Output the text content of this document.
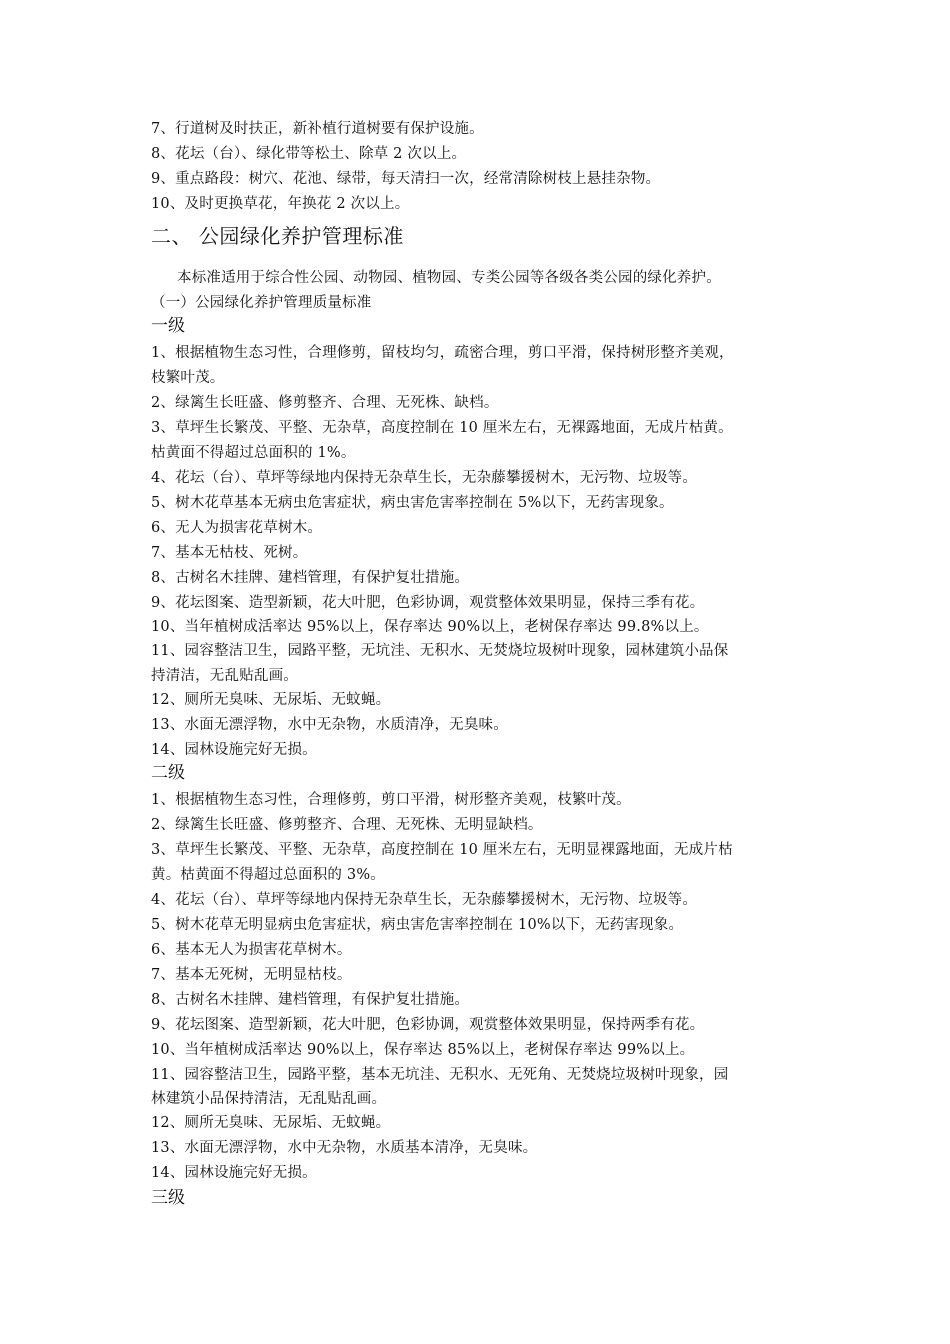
7、行道树及时扶正，新补植行道树要有保护设施。
8、花坛（台）、绿化带等松土、除草 2 次以上。
9、重点路段：树穴、花池、绿带，每天清扫一次，经常清除树枝上悬挂杂物。
10、及时更换草花，年换花 2 次以上。
二、 公园绿化养护管理标准
本标准适用于综合性公园、动物园、植物园、专类公园等各级各类公园的绿化养护。
（一）公园绿化养护管理质量标准
一级
1、根据植物生态习性，合理修剪，留枝均匀，疏密合理，剪口平滑，保持树形整齐美观，
枝繁叶茂。
2、绿篱生长旺盛、修剪整齐、合理、无死株、缺档。
3、草坪生长繁茂、平整、无杂草，高度控制在 10 厘米左右，无裸露地面，无成片枯黄。
枯黄面不得超过总面积的 1%。
4、花坛（台）、草坪等绿地内保持无杂草生长，无杂藤攀援树木，无污物、垃圾等。
5、树木花草基本无病虫危害症状，病虫害危害率控制在 5%以下，无药害现象。
6、无人为损害花草树木。
7、基本无枯枝、死树。
8、古树名木挂牌、建档管理，有保护复壮措施。
9、花坛图案、造型新颖，花大叶肥，色彩协调，观赏整体效果明显，保持三季有花。
10、当年植树成活率达 95%以上，保存率达 90%以上，老树保存率达 99.8%以上。
11、园容整洁卫生，园路平整，无坑洼、无积水、无焚烧垃圾树叶现象，园林建筑小品保
持清洁，无乱贴乱画。
12、厕所无臭味、无尿垢、无蚊蝇。
13、水面无漂浮物，水中无杂物，水质清净，无臭味。
14、园林设施完好无损。
二级
1、根据植物生态习性，合理修剪，剪口平滑，树形整齐美观，枝繁叶茂。
2、绿篱生长旺盛、修剪整齐、合理、无死株、无明显缺档。
3、草坪生长繁茂、平整、无杂草，高度控制在 10 厘米左右，无明显裸露地面，无成片枯
黄。枯黄面不得超过总面积的 3%。
4、花坛（台）、草坪等绿地内保持无杂草生长，无杂藤攀援树木，无污物、垃圾等。
5、树木花草无明显病虫危害症状，病虫害危害率控制在 10%以下，无药害现象。
6、基本无人为损害花草树木。
7、基本无死树，无明显枯枝。
8、古树名木挂牌、建档管理，有保护复壮措施。
9、花坛图案、造型新颖，花大叶肥，色彩协调，观赏整体效果明显，保持两季有花。
10、当年植树成活率达 90%以上，保存率达 85%以上，老树保存率达 99%以上。
11、园容整洁卫生，园路平整，基本无坑洼、无积水、无死角、无焚烧垃圾树叶现象，园
林建筑小品保持清洁，无乱贴乱画。
12、厕所无臭味、无尿垢、无蚊蝇。
13、水面无漂浮物，水中无杂物，水质基本清净，无臭味。
14、园林设施完好无损。
三级
